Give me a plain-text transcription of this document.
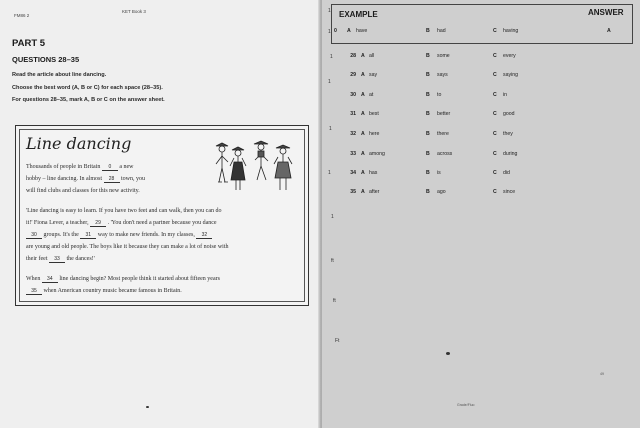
FM86 2
KET Book 3
PART 5
QUESTIONS 28–35
Read the article about line dancing.
Choose the best word (A, B or C) for each space (28–35).
For questions 28–35, mark A, B or C on the answer sheet.
Line dancing
Thousands of people in Britain 0 a new
hobby – line dancing. In almost 28 town, you
will find clubs and classes for this new activity.
'Line dancing is easy to learn. If you have two feet and can walk, then you can do
it!' Fiona Lever, a teacher, 29 . 'You don't need a partner because you dance
30 groups. It's the 31 way to make new friends. In my classes, 32
are young and old people. The boys like it because they can make a lot of noise with
their feet 33 the dances!'
When 34 line dancing begin? Most people think it started about fifteen years
35 when American country music became famous in Britain.
EXAMPLE	ANSWER
0	A have	B had	C having	A
28 A all	B some	C every
29 A say	B says	C saying
30 A at	B to	C in
31 A best	B better	C good
32 A here	B there	C they
33 A among	B across	C during
34 A has	B is	C did
35 A after	B ago	C since
1
1
1
1
1
1
1
ft
ft
Ft
49
Grade/Fluo
